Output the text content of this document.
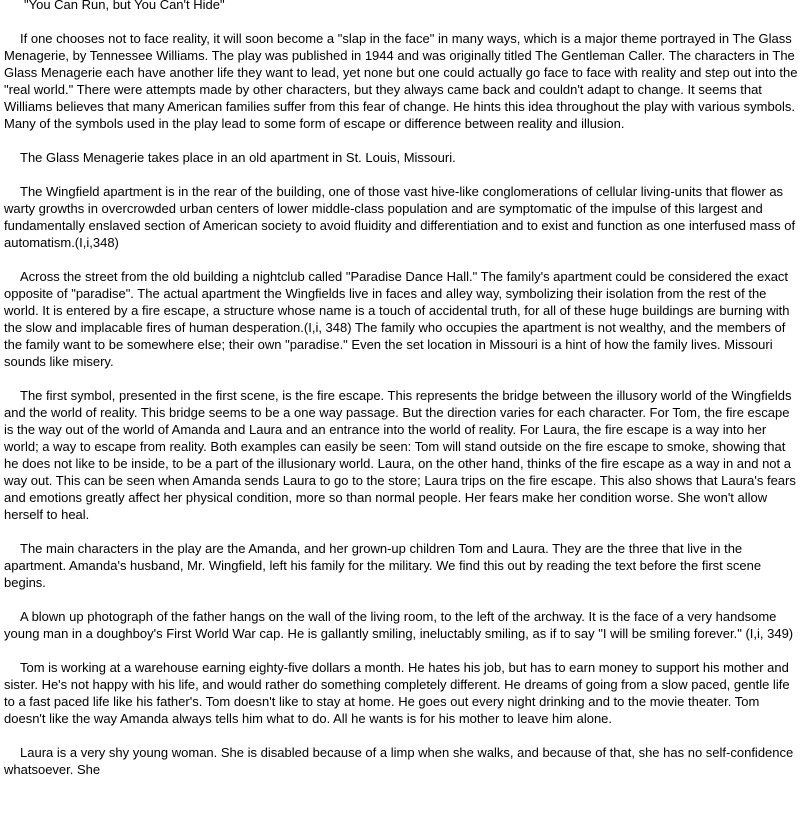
"You Can Run, but You Can't Hide"

If one chooses not to face reality, it will soon become a "slap in the face" in many ways, which is a major theme portrayed in The Glass Menagerie, by Tennessee Williams. The play was published in 1944 and was originally titled The Gentleman Caller. The characters in The Glass Menagerie each have another life they want to lead, yet none but one could actually go face to face with reality and step out into the "real world." There were attempts made by other characters, but they always came back and couldn't adapt to change. It seems that Williams believes that many American families suffer from this fear of change. He hints this idea throughout the play with various symbols. Many of the symbols used in the play lead to some form of escape or difference between reality and illusion.

The Glass Menagerie takes place in an old apartment in St. Louis, Missouri.

The Wingfield apartment is in the rear of the building, one of those vast hive-like conglomerations of cellular living-units that flower as warty growths in overcrowded urban centers of lower middle-class population and are symptomatic of the impulse of this largest and fundamentally enslaved section of American society to avoid fluidity and differentiation and to exist and function as one interfused mass of automatism.(I,i,348)

Across the street from the old building a nightclub called "Paradise Dance Hall." The family's apartment could be considered the exact opposite of "paradise". The actual apartment the Wingfields live in faces and alley way, symbolizing their isolation from the rest of the world. It is entered by a fire escape, a structure whose name is a touch of accidental truth, for all of these huge buildings are burning with the slow and implacable fires of human desperation.(I,i, 348) The family who occupies the apartment is not wealthy, and the members of the family want to be somewhere else; their own "paradise." Even the set location in Missouri is a hint of how the family lives. Missouri sounds like misery.

The first symbol, presented in the first scene, is the fire escape. This represents the bridge between the illusory world of the Wingfields and the world of reality. This bridge seems to be a one way passage. But the direction varies for each character. For Tom, the fire escape is the way out of the world of Amanda and Laura and an entrance into the world of reality. For Laura, the fire escape is a way into her world; a way to escape from reality. Both examples can easily be seen: Tom will stand outside on the fire escape to smoke, showing that he does not like to be inside, to be a part of the illusionary world. Laura, on the other hand, thinks of the fire escape as a way in and not a way out. This can be seen when Amanda sends Laura to go to the store; Laura trips on the fire escape. This also shows that Laura's fears and emotions greatly affect her physical condition, more so than normal people. Her fears make her condition worse. She won't allow herself to heal.

The main characters in the play are the Amanda, and her grown-up children Tom and Laura. They are the three that live in the apartment. Amanda's husband, Mr. Wingfield, left his family for the military. We find this out by reading the text before the first scene begins.

A blown up photograph of the father hangs on the wall of the living room, to the left of the archway. It is the face of a very handsome young man in a doughboy's First World War cap. He is gallantly smiling, ineluctably smiling, as if to say "I will be smiling forever." (I,i, 349)

Tom is working at a warehouse earning eighty-five dollars a month. He hates his job, but has to earn money to support his mother and sister. He's not happy with his life, and would rather do something completely different. He dreams of going from a slow paced, gentle life to a fast paced life like his father's. Tom doesn't like to stay at home. He goes out every night drinking and to the movie theater. Tom doesn't like the way Amanda always tells him what to do. All he wants is for his mother to leave him alone.

Laura is a very shy young woman. She is disabled because of a limp when she walks, and because of that, she has no self-confidence whatsoever. She
